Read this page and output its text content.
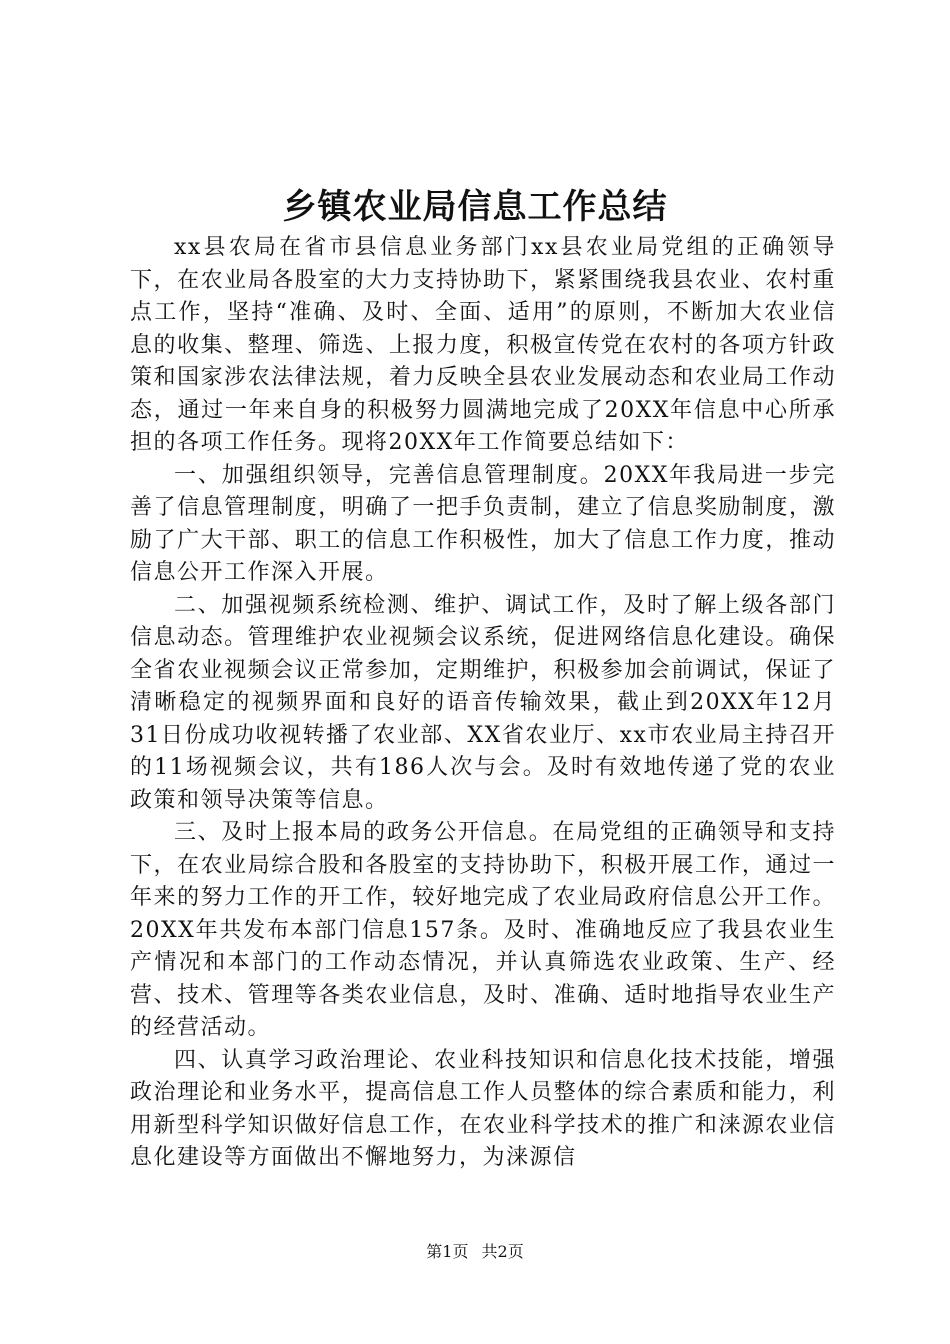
乡镇农业局信息工作总结

xx县农局在省市县信息业务部门xx县农业局党组的正确领导下，在农业局各股室的大力支持协助下，紧紧围绕我县农业、农村重点工作，坚持“准确、及时、全面、适用”的原则，不断加大农业信息的收集、整理、筛选、上报力度，积极宣传党在农村的各项方针政策和国家涉农法律法规，着力反映全县农业发展动态和农业局工作动态，通过一年来自身的积极努力圆满地完成了20XX年信息中心所承担的各项工作任务。现将20XX年工作简要总结如下：

一、加强组织领导，完善信息管理制度。20XX年我局进一步完善了信息管理制度，明确了一把手负责制，建立了信息奖励制度，激励了广大干部、职工的信息工作积极性，加大了信息工作力度，推动信息公开工作深入开展。

二、加强视频系统检测、维护、调试工作，及时了解上级各部门信息动态。管理维护农业视频会议系统，促进网络信息化建设。确保全省农业视频会议正常参加，定期维护，积极参加会前调试，保证了清晰稳定的视频界面和良好的语音传输效果，截止到20XX年12月31日份成功收视转播了农业部、XX省农业厅、xx市农业局主持召开的11场视频会议，共有186人次与会。及时有效地传递了党的农业政策和领导决策等信息。

三、及时上报本局的政务公开信息。在局党组的正确领导和支持下，在农业局综合股和各股室的支持协助下，积极开展工作，通过一年来的努力工作的开工作，较好地完成了农业局政府信息公开工作。20XX年共发布本部门信息157条。及时、准确地反应了我县农业生产情况和本部门的工作动态情况，并认真筛选农业政策、生产、经营、技术、管理等各类农业信息，及时、准确、适时地指导农业生产的经营活动。

四、认真学习政治理论、农业科技知识和信息化技术技能，增强政治理论和业务水平，提高信息工作人员整体的综合素质和能力，利用新型科学知识做好信息工作，在农业科学技术的推广和涞源农业信息化建设等方面做出不懈地努力，为涞源信

第1页 共2页
